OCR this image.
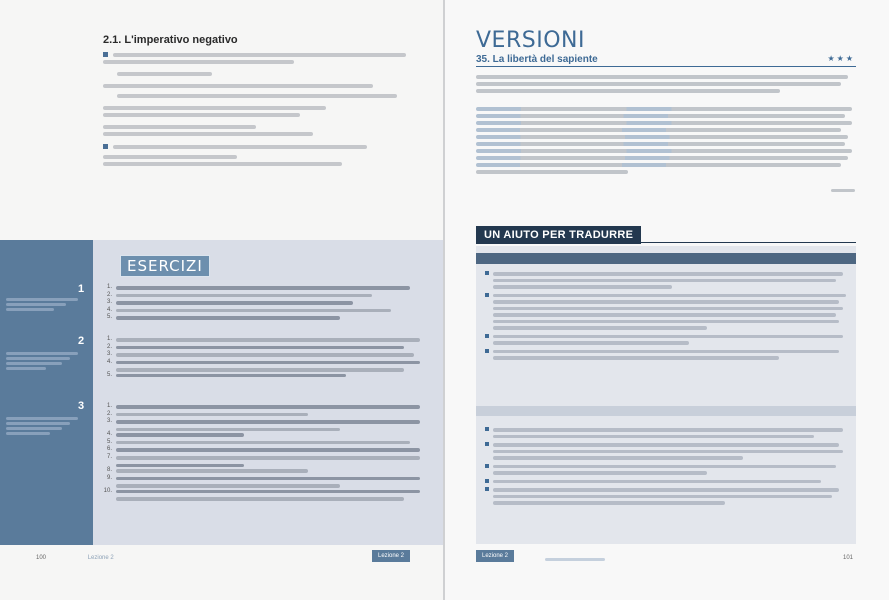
2.1. L'imperativo negativo
ESERCIZI
1
2
3
1.
2.
3.
4.
5.
1.
2.
3.
4.
5.
1.
2.
3.
4.
5.
6.
7.
8.
9.
10.
100	Lezione 2	Lezione 2
VERSIONI
★★★
35. La libertà del sapiente
UN AIUTO PER TRADURRE
Lezione 2	101
